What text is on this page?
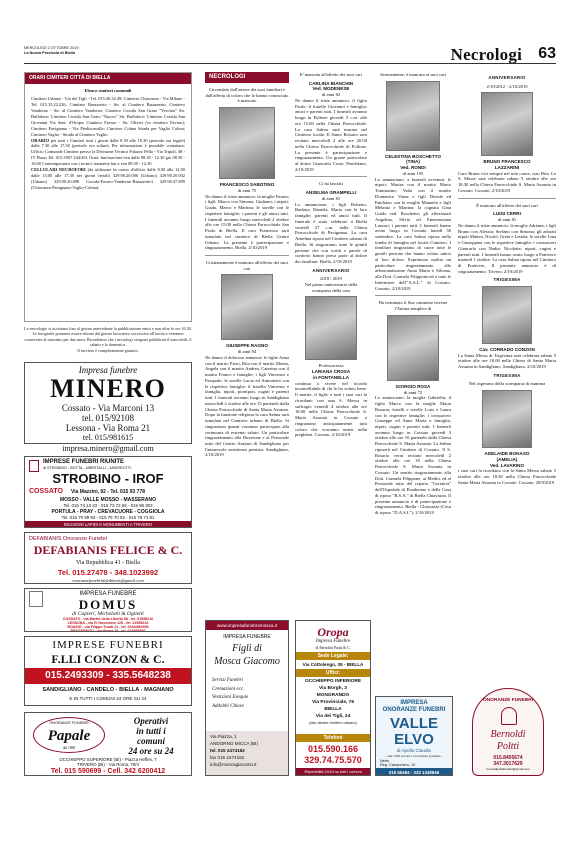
MERCOLEDÌ 2 OTTOBRE 2019
La Nuova Provincia di Biella	Necrologi 63
ORARI CIMITERI CITTÀ DI BIELLA
Elenco cimiteri comunali
Cimitero Urbano - Via dei Tigli - Tel. 015.40.32.49; Cimitero Chiavazza - Via Milano - Tel. 015.35.22.226; Cimitero Barazzetto - Str. al Cimitero Barazzetto; Cimitero Vandorno - Str. al Cimitero Vandorno; Cimitero Cossila San Grato "Vecchio" Str. Buffaloro; Cimitero Cossila San Grato "Nuovo" Str. Buffaloro; Cimitero Cossila San Giovanni Via Sant. d'Oropa; Cimitero Favaro - Str. Oliveri (ex cimitero Favaro); Cimitero Pavignano - Via Piediscavallo; Cimitero Colma Strada per Vaglio Colma; Cimitero Vaglio - Strada al Cimitero Vaglio.
ORARIO per tutti i Cimiteri tutti i giorni dalle 8.30 alle 18.30 (periodo ora legale) dalle 7.30 alle 17.30 (periodo ora solare). Per informazioni è possibile contattare: Ufficio Comunale Cimiteri presso la Divisione Tecnica Palazzo Pella - Via Tripoli, 48 - IV Piano Tel. 015.3507 244/261 Orari: lun/mar/mer/ven dalle 08.30 - 12.30 gio 08.30 - 16.00 Contemporaneo con i tecnici trasmette lun e ven 08.30 - 12.30.
CELLULARI NECROFORI (da utilizzare in orario d'ufficio dalle 8.00 alle 12.00 dalle 14.00 alle 17.30 nei giorni feriali) 329.90.20.006 (Urbano) 329.90.20.002 (Urbano) 329.90.20.008 Cossila-Favaro-Vandorno-Barazzetto) 329.90.47.899 (Chiavazza-Pavignano-Vaglio-Colma).
Le necrologie si accettano fino al giorno antecedente la pubblicazione entro e non oltre le ore 16.30.
Le fotografie potranno essere ritirate dal giorno lavorativo successivo all'uscita e verranno conservate al massimo per due mesi. Ricordiamo che i necrologi vengono pubblicati il mercoledì, il sabato e la domenica.
Il servizio è completamente gratuito.
Impresa funebre
MINERO
Cossato - Via Marconi 13
tel. 015/92108
Lessona - Via Roma 21
tel. 015/981615
impresa.minero@gmail.com
IMPRESE FUNEBRI RIUNITE
di STROBINO - BOTTA - UBERTALLI - ANDREOTTI
STROBINO - IROF
COSSATO Via Mazzini, 92 - Tel. 015 93 778
MOSSO - VALLE MOSSO - MASSERANO
Tel. 015 74 13 23 - 015 73 72 65 - 015 98 303
PORTULA - PRAY - CREVACUORE - COGGIOLA
Tel. 015 70 99 92 - 015 75 70 92 - 015 78 71 81
INCISIONI LAPIDI E MONUMENTI A TRIVERO
DEFABIANIS Onoranze Funebri
DEFABIANIS FELICE & C.
Via Repubblica 41 - Biella
Tel. 015.27478 - 348.1023992
onoranzefunebridefabianis@gmail.com
IMPRESA FUNEBRE
DOMUS
di Capieri, Michelotti & Oglietti
COSSATO - via Martiri della Libertà 58 - tel. 01598216
LESSONA - via IV Novembre 125 - tel. 01598216
ROASIO - via Filippo Turati 21 - tel. 0163/860006
BRUSNENGO - via Roma 25 - tel. 015985950
IMPRESE FUNEBRI
F.LLI CONZON & C.
015.2493309 - 335.5648238
SANDIGLIANO - CANDELO - BIELLA - MAGNANO
E IN TUTTI I COMUNI 24 ORE SU 24
ONORANZE FUNEBRI
Papale
dal 1860
Operativi
in tutti i
comuni
24 ore su 24
OCCHIEPPO SUPERIORE (BI) - Piazza Heffes, 7
TRIVERO (BI) - Via Roma, 78/4
Tel. 015 590699 - Cell. 342 6200412
NECROLOGI

Circondato dall'amore dei suoi familiari e dall'affetto di coloro che lo hanno conosciuto è mancato

FRANCESCO SABOTINO
di anni 75

Ne danno il triste annuncio: la moglie Fausta; i figli: Marco con Simona, Giuliano; i nipoti: Giada, Marco e Martina; le sorelle con le rispettive famiglie; i parenti e gli amici tutti. I funerali avranno luogo mercoledì 2 ottobre alle ore 15.00 nella Chiesa Parrocchiale San Paolo di Biella. Il caro Francesco sarà tumulato nel cimitero di Biella Centro Urbano. La presente è partecipazione e ringraziamento. Biella, 2/10/2019

Cristianamente è mancato all'affetto dei suoi cari

GIUSEPPE RAGNO
di anni 94

Ne danno il doloroso annuncio le figlie Anna con il marito Piero, Rita con il marito Monta, Angela con il marito Andrea, Caterina con il marito Franco e famiglie; i figli Vincenzo e Pasquale; le sorelle Lucia ed Antonietta con le rispettive famiglie; il fratello Vincenzo e famiglia, nipoti, pronipoti, cugini e parenti tutti. I funerali avranno luogo in Sandigliano mercoledì 2 ottobre alle ore 15 partendo dalla Chiesa Parrocchiale di Santa Maria Assunta. Dopo la funzione religiosa la cara Salma sarà tumulata nel Cimitero urbano di Biella. Si ringraziano quanti vorranno partecipare alla cerimonia di estremo saluto. Un particolare ringraziamento alla Direzione e al Personale tutto del Centro Anziani di Sandigliano per l'amorevole assistenza prestata. Sandigliano, 2/10/2019

E' mancata all'affetto dei suoi cari

CARLINA BIANCHIN
Ved. MODENESE
di anni 82

Ne danno il triste annuncio: il figlio Paolo; il fratello Giovanni e famiglia; amici e parenti tutti. I funerali avranno luogo in Pollone giovedì 3 c.m. alle ore 15.00 nella Chiesa Parrocchiale. La cara Salma sarà murata nel Cimitero locale. Il Santo Rosario sarà recitato mercoledì 2 alle ore 20.00 nella Chiesa Parrocchiale di Pollone. La presente è partecipazione e ringraziamento. Un grazie particolare al dottor Giancarlo Costa. Pondolano, 2/10/2019

Ci ha lasciati

ANSELMA GRAMPELLI
di anni 81

Lo annunciano: i figli Roberto, Barbara, Daniela, Mario con le loro famiglie; parenti ed amici tutti. Il funerale è stato celebrato a Biella venerdì 27 c.m. nella Chiesa Parrocchiale di Pavignano. La cara Anselma riposa nel Cimitero urbano di Biella. Si ringraziano tutte le gentili persone che con scritti e parole di conforto hanno preso parte al dolore dei familiari. Biella, 2/10/2019

ANNIVERSARIO
2018 / 2019

Nel primo anniversario della scomparsa della cara

Professoressa
LARIANA CROSA
in FONTANELLA

continua a vivere nel ricordo incancellabile di chi le ha voluto bene. Il marito, il figlio e tutti i suoi cari la ricordano con una S. Messa in suffragio venerdì 4 ottobre alle ore 18.00 nella Chiesa Parrocchiale S. Maria Assunta in Cossato e ringraziano anticipatamente tutti coloro che vorranno unirsi nella preghiera. Cossato, 2/10/2019

Serenamente, è mancata ai suoi cari

CELESTINA BOSCHETTO
(TINA)
Ved. RONDI
di anni 105

Lo annunciano: a funerali avvenuti: le nipoti: Marisa con il marito Mario Tommasini; Vaila con il marito Domenico Viana e figli Davide ed Emiliano con la moglie Manuela e figli Melania e Martina; la cognata Gina Guido ved. Boschetto; gli affezionati Angelina, Silvia ed Emerenziana Lazzari; i parenti tutti. I funerali hanno avuto luogo in Cossato lunedì 30 settembre. La cara Salma riposa nella tomba di famiglia nel locale Cimitero. I familiari ringraziano di cuore tutte le gentili persone che hanno voluto unirsi al loro dolore. Esprimono inoltre un particolare ringraziamento alle affezionatissime Anna Maria e Silvana, alla Dott. Carmela Filippone ed a tutte le Infermiere dell'"A.S.L." di Cossato. Cossato, 2/10/2019

Ha terminato il Suo cammino terreno l'Anima semplice di

GIORGIO ROSA
di anni 72

Lo annunciano: la moglie Gabriella; il figlio Marco con la moglie Maria Rosaria; fratelli e sorelle Loris e Laura con le rispettive famiglie; i consuoceri Giuseppe ed Anna Maria e famiglia; nipoti, cugini e parenti tutti. I funerali avranno luogo in Cossato giovedì 3 ottobre alle ore 10 partendo dalla Chiesa Parrocchiale S. Maria Assunta. La Salma riposerà nel Cimitero di Cossato. Il S. Rosario verrà recitato mercoledì 2 ottobre alle ore 18 nella Chiesa Parrocchiale S. Maria Assunta in Cossato. Un sentito ringraziamento alla Dott. Carmela Filippone, ai Medici ed al Personale tutto del reparto "Geriatria" dell'Ospedale di Ponderano e della Casa di riposo "R.S.A." di Biella Chiavazza. Il presente annuncio è di partecipazione e ringraziamento. Biella - Chiavazza (Casa di riposo "D.A.S.I."), 2/10/2019

ANNIVERSARIO
2/10/2012 - 2/10/2019
BRUNO FRANCESCO
LAZZARINI

Caro Bruno vivi sempre nel mio cuore, ciao Rita. Le S. Messe sarà celebrata sabato 5 ottobre alle ore 18.30 nella Chiesa Parrocchiale S. Maria Assunta in Cossato. Cossato, 2/10/2019

È mancato all'affetto dei suoi cari

LUIGI CERRI
di anni 81

Ne danno il triste annuncio: la moglie Adriana; i figli Bruno con Alessia; Stefano con Simona; gli adorati nipoti Matteo, Nicolò, Greta e Letizia; le sorelle Lina e Giuseppina con le rispettive famiglie; i consuoceri Giancarlo con Nadia; Nicoletta; nipoti, cugini e parenti tutti. I funerali hanno avuto luogo a Prativero martedì 1 ottobre. La cara Salma riposa nel Cimitero di Prativero. Il presente annuncio è di ringraziamento. Trivero, 2/10/2019

TRIGESIMA
Cav. CORRADO CONZON

La Santa Messa di Trigesima sarà celebrata sabato 5 ottobre alle ore 18.00 nella Chiesa di Santa Maria Assunta in Sandigliano. Sandigliano, 2/10/2019

TRIGESIMA

Nel trigesimo della scomparsa di mamma

ADELAIDE BONASO
(AMELIA)
Ved. LAVARINO

i suoi cari la ricordano con la Santa Messa sabato 5 ottobre alle ore 18.30 nella Chiesa Parrocchiale Santa Maria Assunta in Cossato. Cossato, 28/9/2019

www.impresafunebremosca.it
IMPRESA FUNEBRE
Figli di
Mosca Giacomo
Servizi Funebri
Cremazioni ecc.
Vestizioni Esequie
Addobbi Chiese
Via Piazza, 1
ANDORNO MICCA (BI)
tel. 015 2474162
fax 015 2474162
info@moscagiacomo.it
Oropa
Impresa Funebre
di Bertolini Paola & C.
Sede Legale:
Via Cottolengo, 35 - BIELLA
Uffici:
OCCHIEPPO INFERIORE
Via Borgh, 3
MONGRANDO
Via Provinciale, 76
BIELLA
Via dei Tigli, 24
(lato destro cimitero urbano)
Telefoni
015.590.166
329.74.75.570
Reperibilità 24/24 su tutti i comuni
IMPRESA
ONORANZE FUNEBRI
VALLE
ELVO
di Apollo Claudio
...dal 1964 servizi e consulenza gratuita...
Netro
Reg. Camponero, 10
015 65454 - 333 1348846
ONORANZE FUNEBRI
Bernoldi
Poltti
015.8405674
347.3017629
bernoldipolttifunebri@gmail.com
